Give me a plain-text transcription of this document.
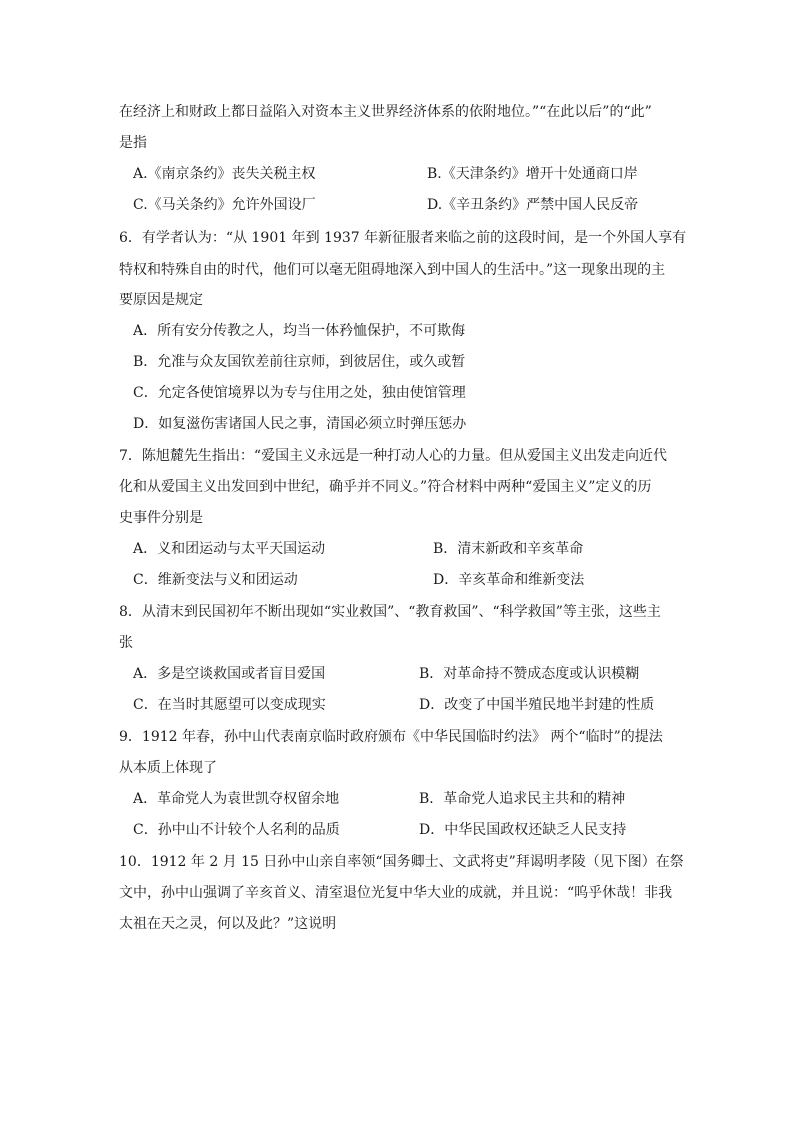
在经济上和财政上都日益陷入对资本主义世界经济体系的依附地位。”“在此以后”的“此”
是指
A.《南京条约》丧失关税主权	B.《天津条约》增开十处通商口岸
C.《马关条约》允许外国设厂	D.《辛丑条约》严禁中国人民反帝
6．有学者认为：“从 1901 年到 1937 年新征服者来临之前的这段时间，是一个外国人享有
特权和特殊自由的时代，他们可以毫无阻碍地深入到中国人的生活中。”这一现象出现的主
要原因是规定
A．所有安分传教之人，均当一体矜恤保护，不可欺侮
B．允准与众友国钦差前往京师，到彼居住，或久或暂
C．允定各使馆境界以为专与住用之处，独由使馆管理
D．如复滋伤害诸国人民之事，清国必须立时弹压惩办
7．陈旭麓先生指出：“爱国主义永远是一种打动人心的力量。但从爱国主义出发走向近代
化和从爱国主义出发回到中世纪，确乎并不同义。”符合材料中两种“爱国主义”定义的历
史事件分别是
A．义和团运动与太平天国运动	B．清末新政和辛亥革命
C．维新变法与义和团运动	D．辛亥革命和维新变法
8．从清末到民国初年不断出现如“实业救国”、“教育救国”、“科学救国”等主张，这些主
张
A．多是空谈救国或者盲目爱国	B．对革命持不赞成态度或认识模糊
C．在当时其愿望可以变成现实	D．改变了中国半殖民地半封建的性质
9．1912 年春，孙中山代表南京临时政府颁布《中华民国临时约法》 两个“临时”的提法
从本质上体现了
A．革命党人为袁世凯夺权留余地	B．革命党人追求民主共和的精神
C．孙中山不计较个人名利的品质	D．中华民国政权还缺乏人民支持
10．1912 年 2 月 15 日孙中山亲自率领“国务卿士、文武将吏”拜谒明孝陵（见下图）在祭
文中，孙中山强调了辛亥首义、清室退位光复中华大业的成就，并且说：“呜乎休哉！非我
太祖在天之灵，何以及此？”这说明
